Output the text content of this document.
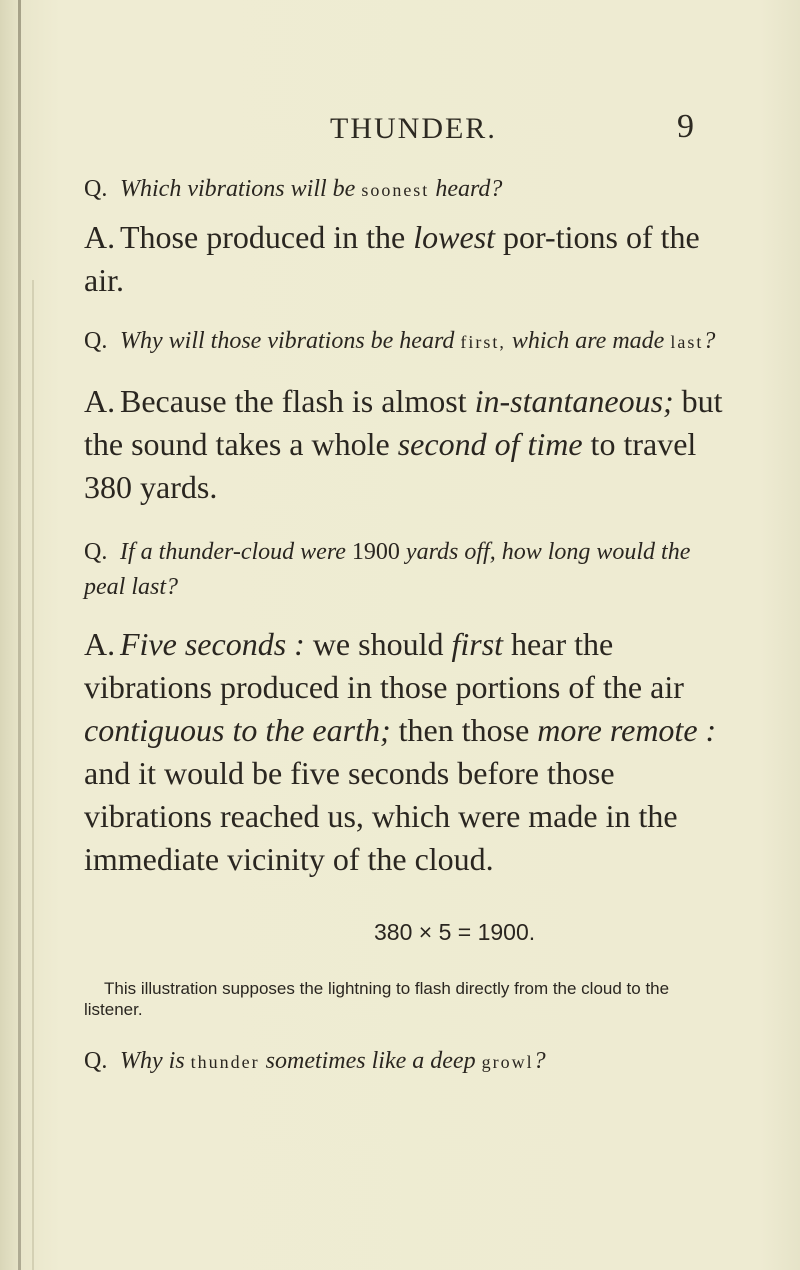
THUNDER.	9

Q. Which vibrations will be soonest heard?

A. Those produced in the lowest por-tions of the air.

Q. Why will those vibrations be heard first, which are made last?

A. Because the flash is almost in-stantaneous; but the sound takes a whole second of time to travel 380 yards.

Q. If a thunder-cloud were 1900 yards off, how long would the peal last?

A. Five seconds : we should first hear the vibrations produced in those portions of the air contiguous to the earth; then those more remote : and it would be five seconds before those vibrations reached us, which were made in the immediate vicinity of the cloud.

380 × 5 = 1900.

This illustration supposes the lightning to flash directly from the cloud to the listener.

Q. Why is thunder sometimes like a deep growl?
